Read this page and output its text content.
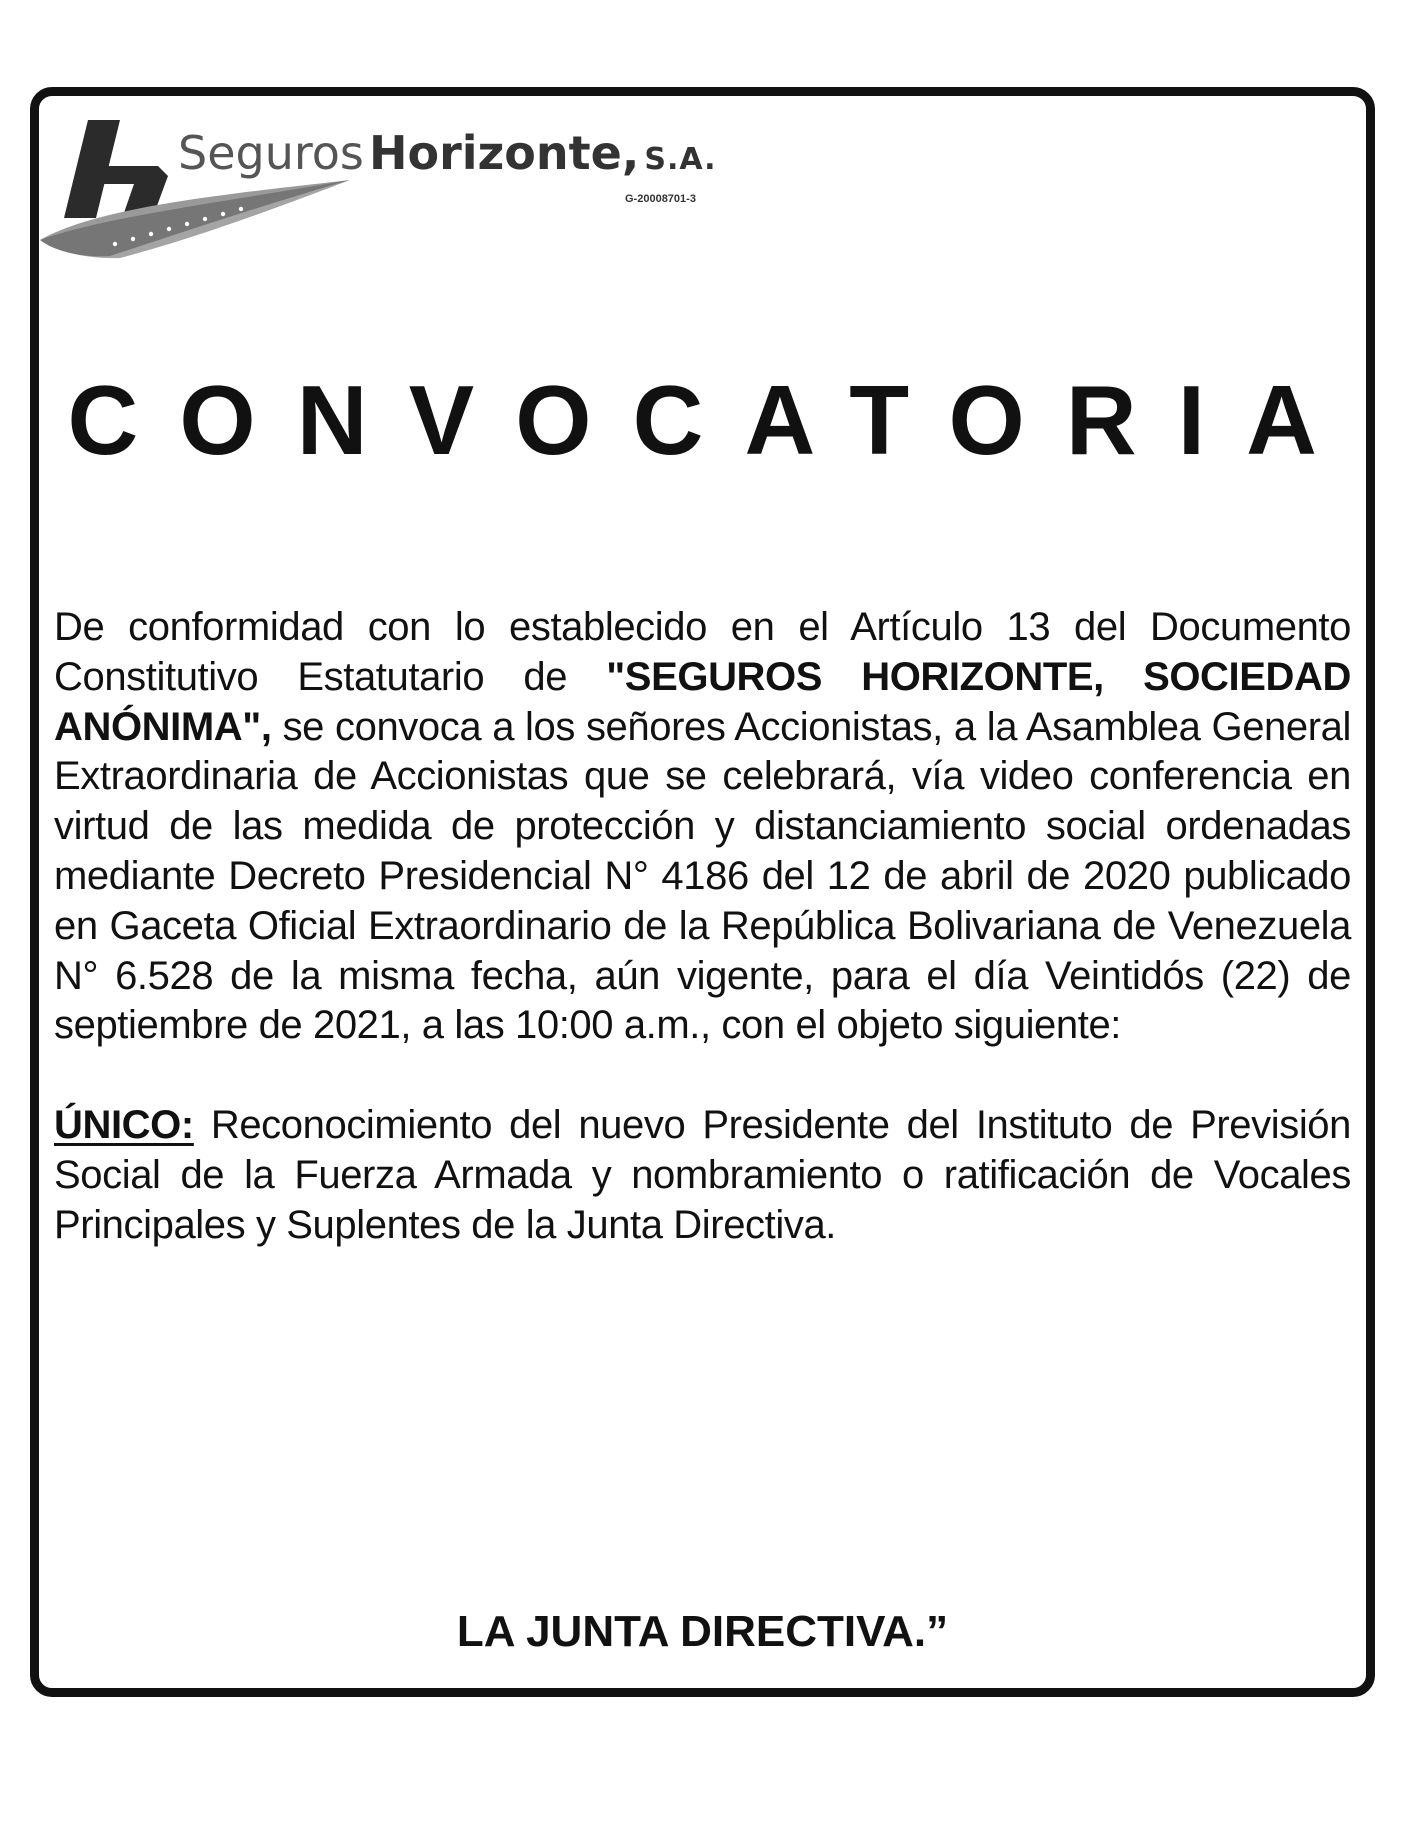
Seguros Horizonte, S.A.
G-20008701-3
CONVOCATORIA

De conformidad con lo establecido en el Artículo 13 del Documento Constitutivo Estatutario de "SEGUROS HORIZONTE, SOCIEDAD ANÓNIMA", se convoca a los señores Accionistas, a la Asamblea General Extraordinaria de Accionistas que se celebrará, vía video conferencia en virtud de las medida de protección y distanciamiento social ordenadas mediante Decreto Presidencial N° 4186 del 12 de abril de 2020 publicado en Gaceta Oficial Extraordinario de la República Bolivariana de Venezuela N° 6.528 de la misma fecha, aún vigente, para el día Veintidós (22) de septiembre de 2021, a las 10:00 a.m., con el objeto siguiente:

ÚNICO: Reconocimiento del nuevo Presidente del Instituto de Previsión Social de la Fuerza Armada y nombramiento o ratificación de Vocales Principales y Suplentes de la Junta Directiva.

LA JUNTA DIRECTIVA.”
